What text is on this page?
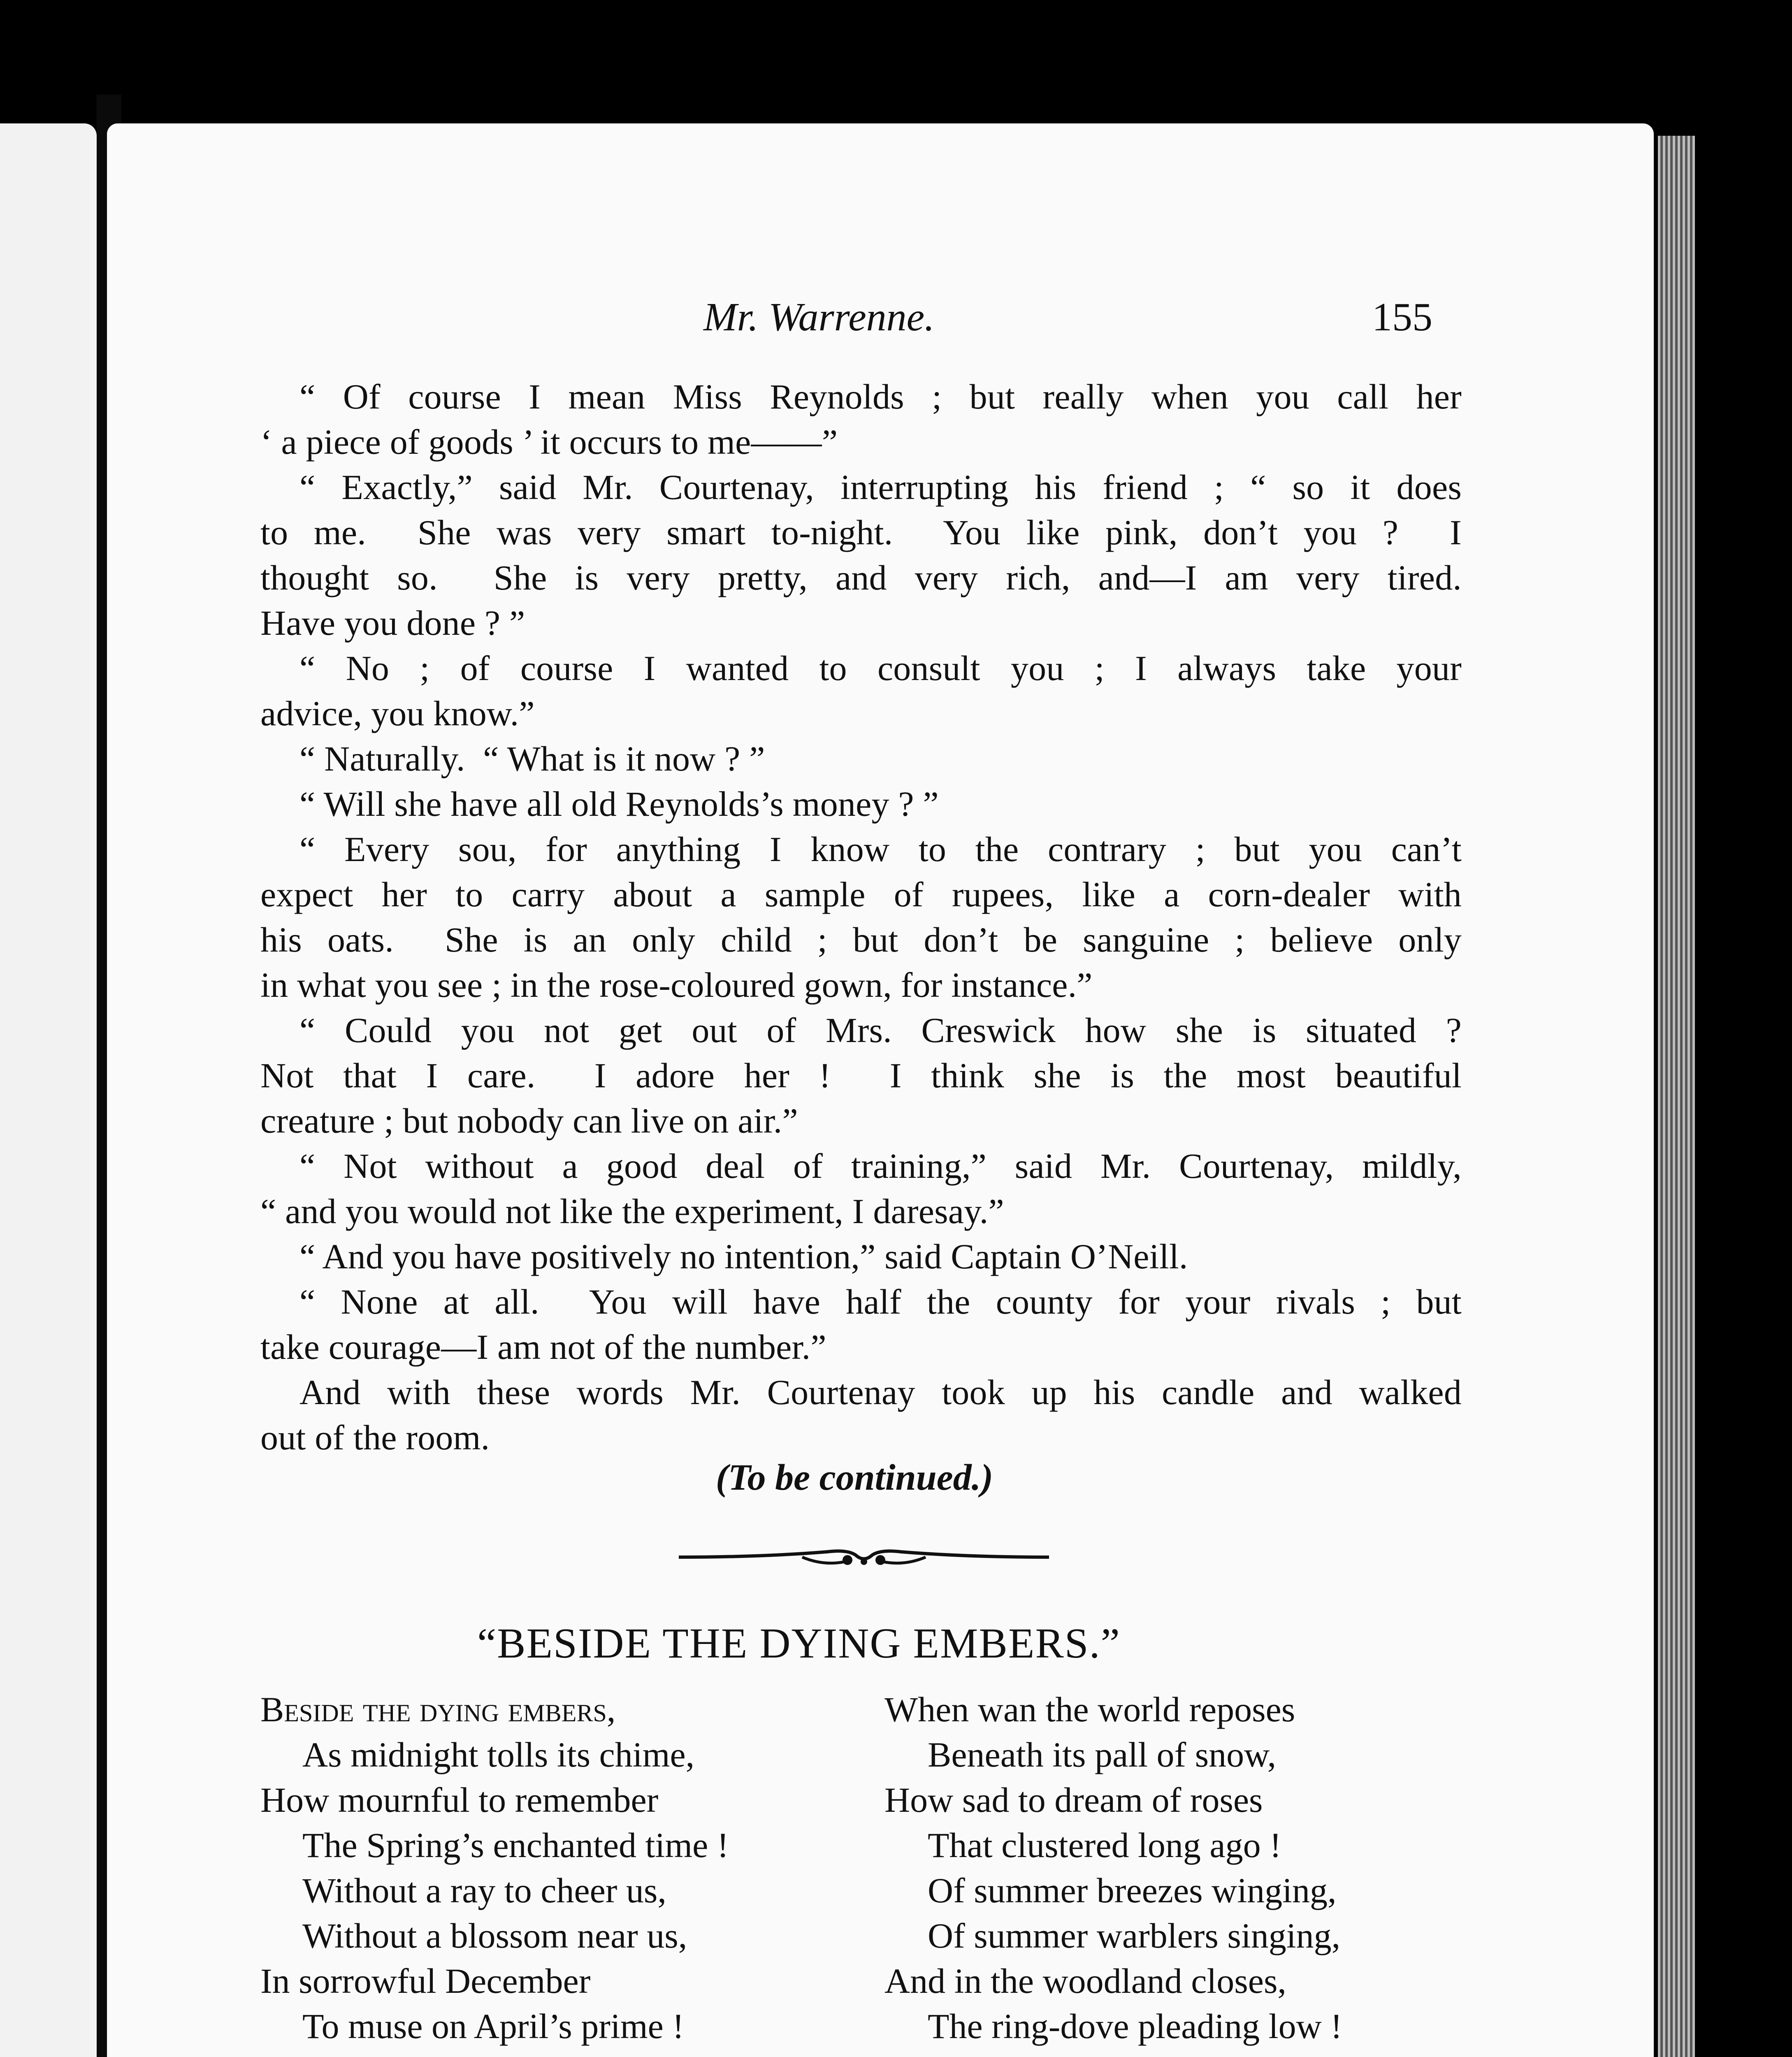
Mr. Warrenne.	155
“ Of course I mean Miss Reynolds ; but really when you call her
‘ a piece of goods ’ it occurs to me——”
“ Exactly,” said Mr. Courtenay, interrupting his friend ; “ so it does
to me.  She was very smart to-night.  You like pink, don’t you ?  I
thought so.  She is very pretty, and very rich, and—I am very tired.
Have you done ? ”
“ No ; of course I wanted to consult you ; I always take your
advice, you know.”
“ Naturally.  “ What is it now ? ”
“ Will she have all old Reynolds’s money ? ”
“ Every sou, for anything I know to the contrary ; but you can’t
expect her to carry about a sample of rupees, like a corn-dealer with
his oats.  She is an only child ; but don’t be sanguine ; believe only
in what you see ; in the rose-coloured gown, for instance.”
“ Could you not get out of Mrs. Creswick how she is situated ?
Not that I care.  I adore her !  I think she is the most beautiful
creature ; but nobody can live on air.”
“ Not without a good deal of training,” said Mr. Courtenay, mildly,
“ and you would not like the experiment, I daresay.”
“ And you have positively no intention,” said Captain O’Neill.
“ None at all.  You will have half the county for your rivals ; but
take courage—I am not of the number.”
And with these words Mr. Courtenay took up his candle and walked
out of the room.
(To be continued.)
“BESIDE THE DYING EMBERS.”
Beside the dying embers,
As midnight tolls its chime,
How mournful to remember
The Spring’s enchanted time !
Without a ray to cheer us,
Without a blossom near us,
In sorrowful December
To muse on April’s prime !
When wan the world reposes
Beneath its pall of snow,
How sad to dream of roses
That clustered long ago !
Of summer breezes winging,
Of summer warblers singing,
And in the woodland closes,
The ring-dove pleading low !
